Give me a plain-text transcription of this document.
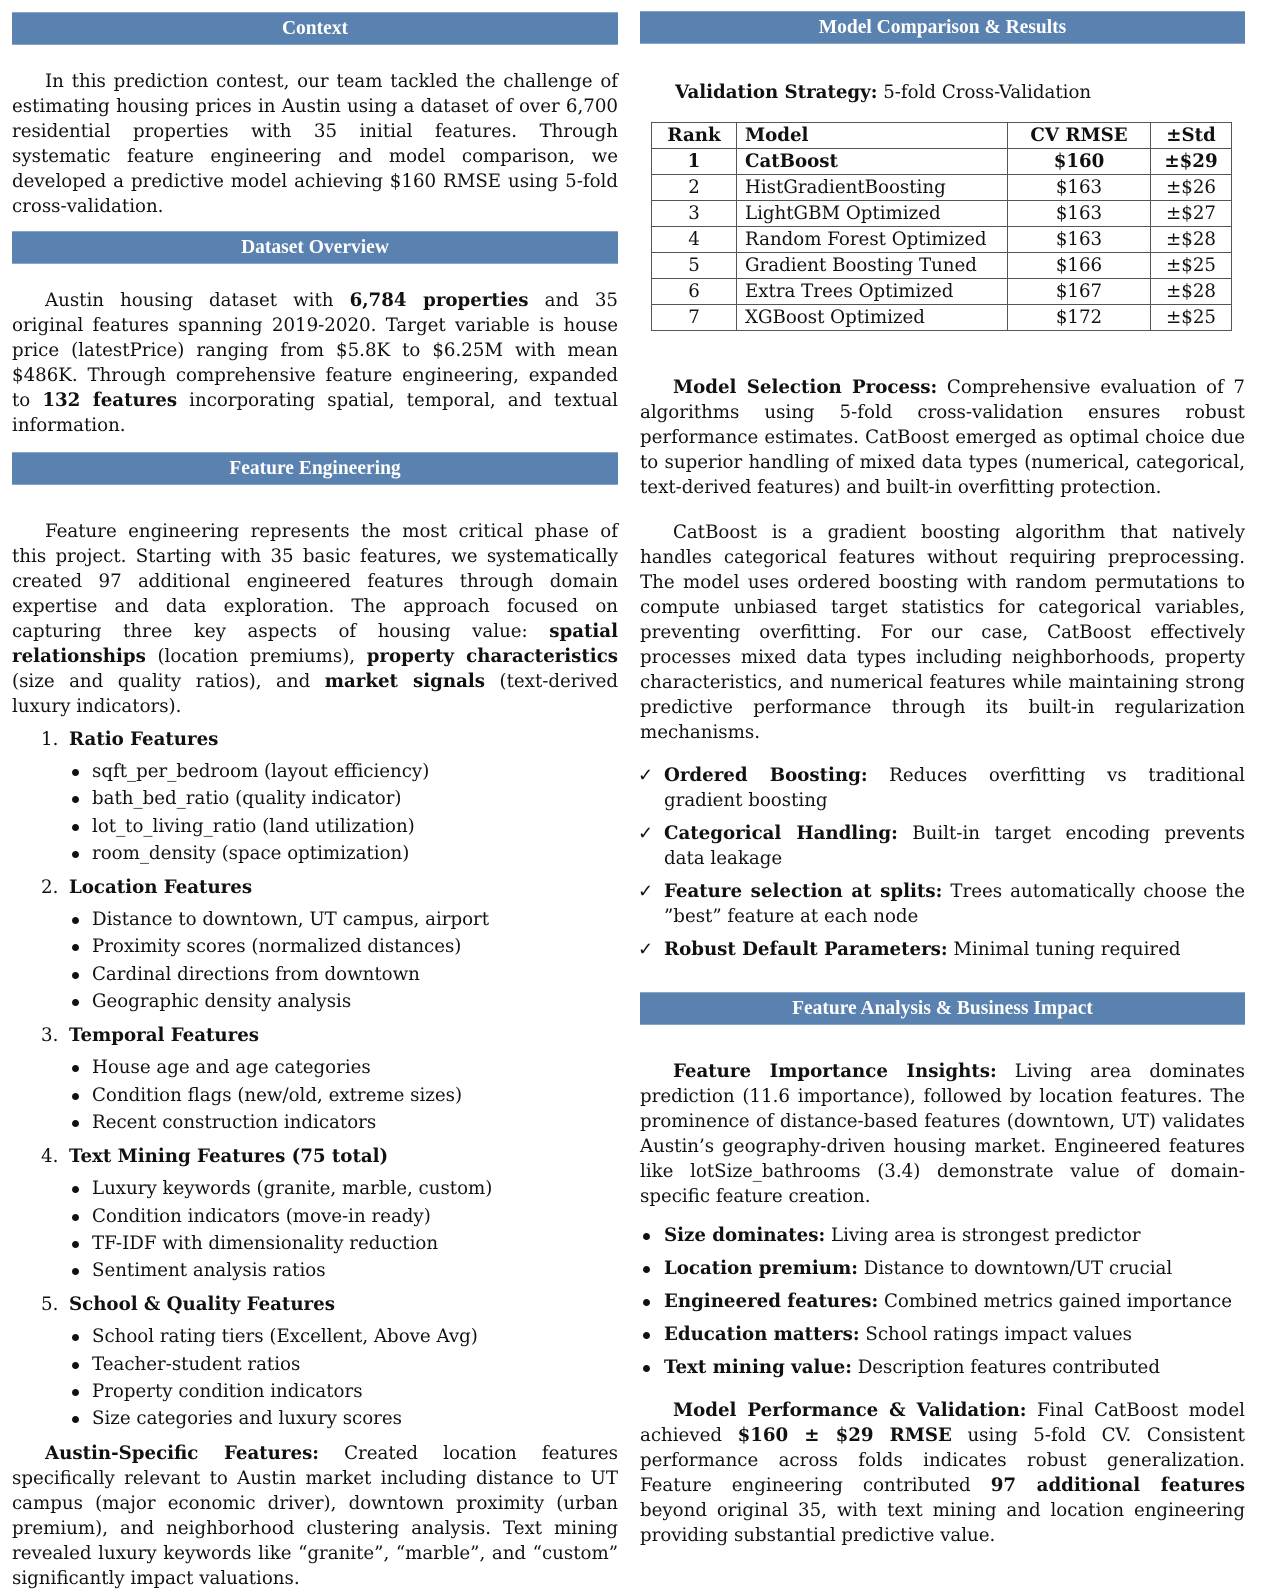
Context

In this prediction contest, our team tackled the challenge of estimating housing prices in Austin using a dataset of over 6,700 residential properties with 35 initial features. Through systematic feature engineering and model comparison, we developed a predictive model achieving $160 RMSE using 5-fold cross-validation.

Dataset Overview

Austin housing dataset with 6,784 properties and 35 original features spanning 2019-2020. Target variable is house price (latestPrice) ranging from $5.8K to $6.25M with mean $486K. Through comprehensive feature engineering, expanded to 132 features incorporating spatial, temporal, and textual information.

Feature Engineering

Feature engineering represents the most critical phase of this project. Starting with 35 basic features, we systematically created 97 additional engineered features through domain expertise and data exploration. The approach focused on capturing three key aspects of housing value: spatial relationships (location premiums), property characteristics (size and quality ratios), and market signals (text-derived luxury indicators).

1. Ratio Features
sqft_per_bedroom (layout efficiency)
bath_bed_ratio (quality indicator)
lot_to_living_ratio (land utilization)
room_density (space optimization)
2. Location Features
Distance to downtown, UT campus, airport
Proximity scores (normalized distances)
Cardinal directions from downtown
Geographic density analysis
3. Temporal Features
House age and age categories
Condition flags (new/old, extreme sizes)
Recent construction indicators
4. Text Mining Features (75 total)
Luxury keywords (granite, marble, custom)
Condition indicators (move-in ready)
TF-IDF with dimensionality reduction
Sentiment analysis ratios
5. School & Quality Features
School rating tiers (Excellent, Above Avg)
Teacher-student ratios
Property condition indicators
Size categories and luxury scores

Austin-Specific Features: Created location features specifically relevant to Austin market including distance to UT campus (major economic driver), downtown proximity (urban premium), and neighborhood clustering analysis. Text mining revealed luxury keywords like “granite”, “marble”, and “custom” significantly impact valuations.

Model Comparison & Results

Validation Strategy: 5-fold Cross-Validation

Rank	Model	CV RMSE	±Std
1	CatBoost	$160	±$29
2	HistGradientBoosting	$163	±$26
3	LightGBM Optimized	$163	±$27
4	Random Forest Optimized	$163	±$28
5	Gradient Boosting Tuned	$166	±$25
6	Extra Trees Optimized	$167	±$28
7	XGBoost Optimized	$172	±$25

Model Selection Process: Comprehensive evaluation of 7 algorithms using 5-fold cross-validation ensures robust performance estimates. CatBoost emerged as optimal choice due to superior handling of mixed data types (numerical, categorical, text-derived features) and built-in overfitting protection.

CatBoost is a gradient boosting algorithm that natively handles categorical features without requiring preprocessing. The model uses ordered boosting with random permutations to compute unbiased target statistics for categorical variables, preventing overfitting. For our case, CatBoost effectively processes mixed data types including neighborhoods, property characteristics, and numerical features while maintaining strong predictive performance through its built-in regularization mechanisms.

✓ Ordered Boosting: Reduces overfitting vs traditional gradient boosting
✓ Categorical Handling: Built-in target encoding prevents data leakage
✓ Feature selection at splits: Trees automatically choose the ”best” feature at each node
✓ Robust Default Parameters: Minimal tuning required
Feature Analysis & Business Impact

Feature Importance Insights: Living area dominates prediction (11.6 importance), followed by location features. The prominence of distance-based features (downtown, UT) validates Austin’s geography-driven housing market. Engineered features like lotSize_bathrooms (3.4) demonstrate value of domain-specific feature creation.

Size dominates: Living area is strongest predictor
Location premium: Distance to downtown/UT crucial
Engineered features: Combined metrics gained importance
Education matters: School ratings impact values
Text mining value: Description features contributed

Model Performance & Validation: Final CatBoost model achieved $160 ± $29 RMSE using 5-fold CV. Consistent performance across folds indicates robust generalization. Feature engineering contributed 97 additional features beyond original 35, with text mining and location engineering providing substantial predictive value.
